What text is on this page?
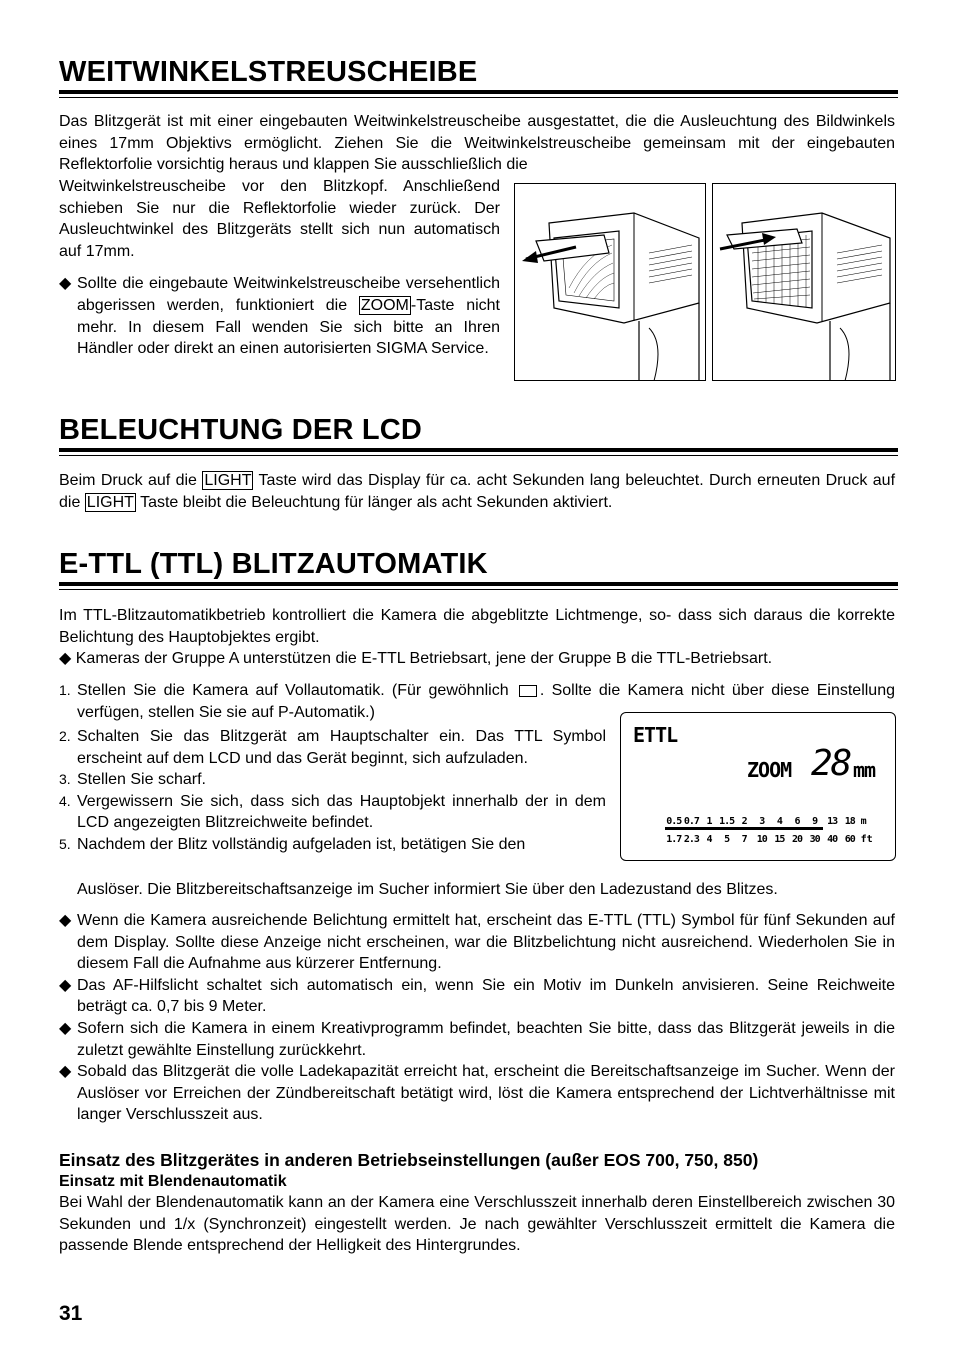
WEITWINKELSTREUSCHEIBE

Das Blitzgerät ist mit einer eingebauten Weitwinkelstreuscheibe ausgestattet, die die Ausleuchtung des Bildwinkels eines 17mm Objektivs ermöglicht. Ziehen Sie die Weitwinkelstreuscheibe gemeinsam mit der eingebauten Reflektorfolie vorsichtig heraus und klappen Sie ausschließlich die

Weitwinkelstreuscheibe vor den Blitzkopf. Anschließend schieben Sie nur die Reflektorfolie wieder zurück. Der Ausleuchtwinkel des Blitzgeräts stellt sich nun automatisch auf 17mm.

◆ Sollte die eingebaute Weitwinkelstreuscheibe versehentlich abgerissen werden, funktioniert die ZOOM -Taste nicht mehr. In diesem Fall wenden Sie sich bitte an Ihren Händler oder direkt an einen autorisierten SIGMA Service.
BELEUCHTUNG DER LCD

Beim Druck auf die LIGHT Taste wird das Display für ca. acht Sekunden lang beleuchtet. Durch erneuten Druck auf die LIGHT Taste bleibt die Beleuchtung für länger als acht Sekunden aktiviert.

E-TTL (TTL) BLITZAUTOMATIK

Im TTL-Blitzautomatikbetrieb kontrolliert die Kamera die abgeblitzte Lichtmenge, so- dass sich daraus die korrekte Belichtung des Hauptobjektes ergibt.

◆ Kameras der Gruppe A unterstützen die E-TTL Betriebsart, jene der Gruppe B die TTL-Betriebsart.

1. Stellen Sie die Kamera auf Vollautomatik. (Für gewöhnlich . Sollte die Kamera nicht über diese Einstellung verfügen, stellen Sie sie auf P-Automatik.)
2. Schalten Sie das Blitzgerät am Hauptschalter ein. Das TTL Symbol erscheint auf dem LCD und das Gerät beginnt, sich aufzuladen.
3. Stellen Sie scharf.
4. Vergewissern Sie sich, dass sich das Hauptobjekt innerhalb der in dem LCD angezeigten Blitzreichweite befindet.
5. Nachdem der Blitz vollständig aufgeladen ist, betätigen Sie den
Auslöser. Die Blitzbereitschaftsanzeige im Sucher informiert Sie über den Ladezustand des Blitzes.
ETTL
ZOOM 28 mm
0.5
1.7
0.7
2.3
1
4
1.5
5
2
7
3
10
4
15
6
20
9
30
13
40
18
60
m
ft
◆ Wenn die Kamera ausreichende Belichtung ermittelt hat, erscheint das E-TTL (TTL) Symbol für fünf Sekunden auf dem Display. Sollte diese Anzeige nicht erscheinen, war die Blitzbelichtung nicht ausreichend. Wiederholen Sie in diesem Fall die Aufnahme aus kürzerer Entfernung.
◆ Das AF-Hilfslicht schaltet sich automatisch ein, wenn Sie ein Motiv im Dunkeln anvisieren. Seine Reichweite beträgt ca. 0,7 bis 9 Meter.
◆ Sofern sich die Kamera in einem Kreativprogramm befindet, beachten Sie bitte, dass das Blitzgerät jeweils in die zuletzt gewählte Einstellung zurückkehrt.
◆ Sobald das Blitzgerät die volle Ladekapazität erreicht hat, erscheint die Bereitschaftsanzeige im Sucher. Wenn der Auslöser vor Erreichen der Zündbereitschaft betätigt wird, löst die Kamera entsprechend der Lichtverhältnisse mit langer Verschlusszeit aus.
Einsatz des Blitzgerätes in anderen Betriebseinstellungen (außer EOS 700, 750, 850)
Einsatz mit Blendenautomatik

Bei Wahl der Blendenautomatik kann an der Kamera eine Verschlusszeit innerhalb deren Einstellbereich zwischen 30 Sekunden und 1/x (Synchronzeit) eingestellt werden. Je nach gewählter Verschlusszeit ermittelt die Kamera die passende Blende entsprechend der Helligkeit des Hintergrundes.

31
